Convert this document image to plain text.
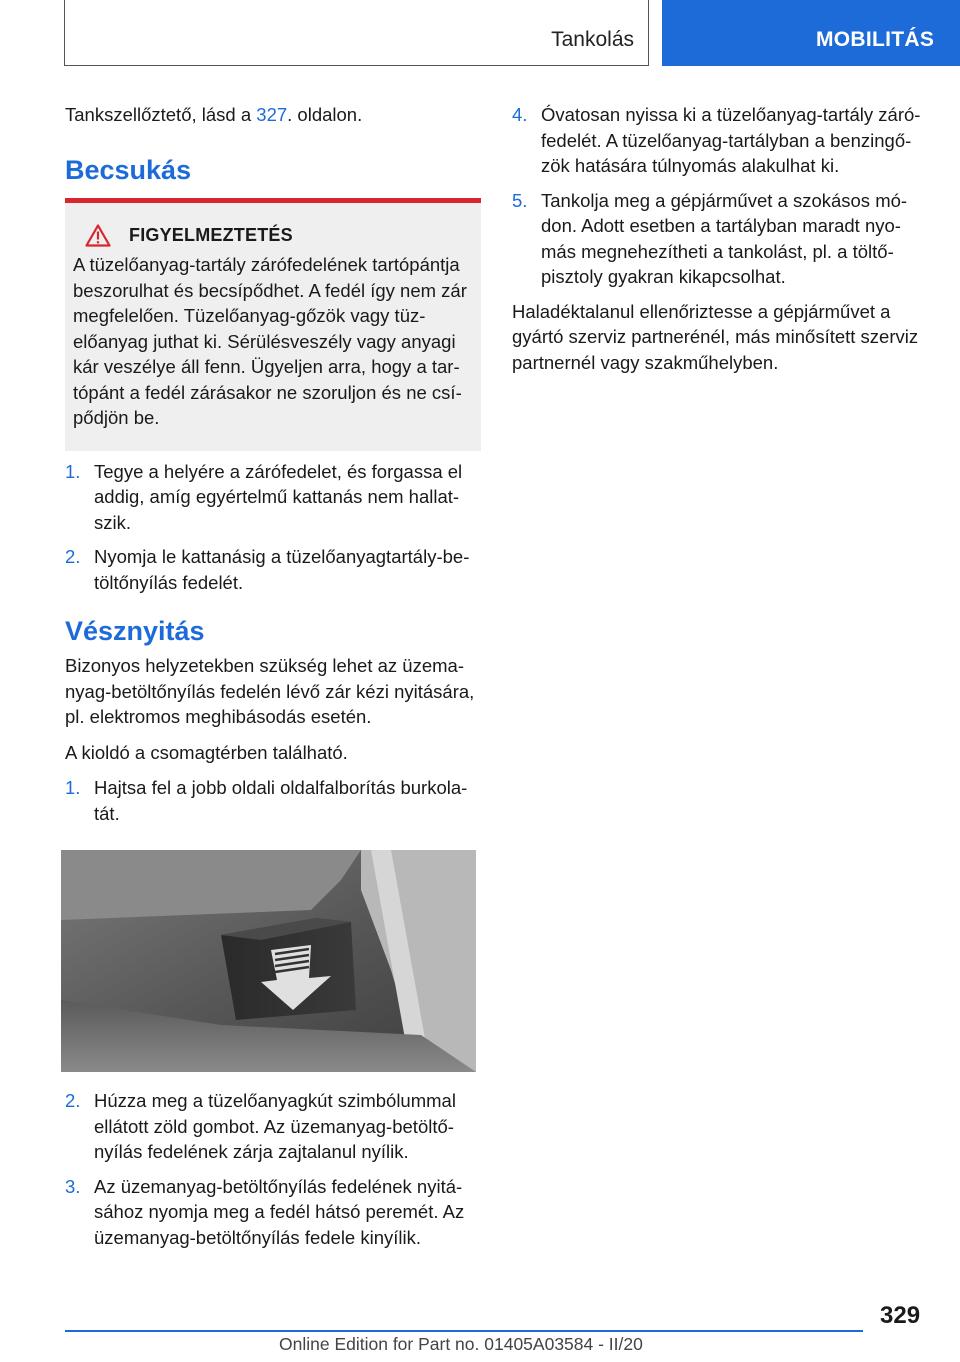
Tankolás	MOBILITÁS

Tankszellőztető, lásd a 327. oldalon.

Becsukás
FIGYELMEZTETÉS
A tüzelőanyag-tartály zárófedelének tartópántja beszorulhat és becsípődhet. A fedél így nem zár megfelelően. Tüzelőanyag-gőzök vagy tüzelőanyag juthat ki. Sérülésveszély vagy anyagi kár veszélye áll fenn. Ügyeljen arra, hogy a tartópánt a fedél zárásakor ne szoruljon és ne csípődjön be.
1. Tegye a helyére a zárófedelet, és forgassa el addig, amíg egyértelmű kattanás nem hallatszik.
2. Nyomja le kattanásig a tüzelőanyagtartály-betöltőnyílás fedelét.
Vésznyitás

Bizonyos helyzetekben szükség lehet az üzemanyag-betöltőnyílás fedelén lévő zár kézi nyitására, pl. elektromos meghibásodás esetén.

A kioldó a csomagtérben található.

1. Hajtsa fel a jobb oldali oldalfalborítás burkolatát.
2. Húzza meg a tüzelőanyagkút szimbólummal ellátott zöld gombot. Az üzemanyag-betöltőnyílás fedelének zárja zajtalanul nyílik.
3. Az üzemanyag-betöltőnyílás fedelének nyitásához nyomja meg a fedél hátsó peremét. Az üzemanyag-betöltőnyílás fedele kinyílik.
4. Óvatosan nyissa ki a tüzelőanyag-tartály zárófedelét. A tüzelőanyag-tartályban a benzingőzök hatására túlnyomás alakulhat ki.
5. Tankolja meg a gépjárművet a szokásos módon. Adott esetben a tartályban maradt nyomás megnehezítheti a tankolást, pl. a töltőpisztoly gyakran kikapcsolhat.

Haladéktalanul ellenőriztesse a gépjárművet a gyártó szerviz partnerénél, más minősített szerviz partnernél vagy szakműhelyben.

329
Online Edition for Part no. 01405A03584 - II/20
